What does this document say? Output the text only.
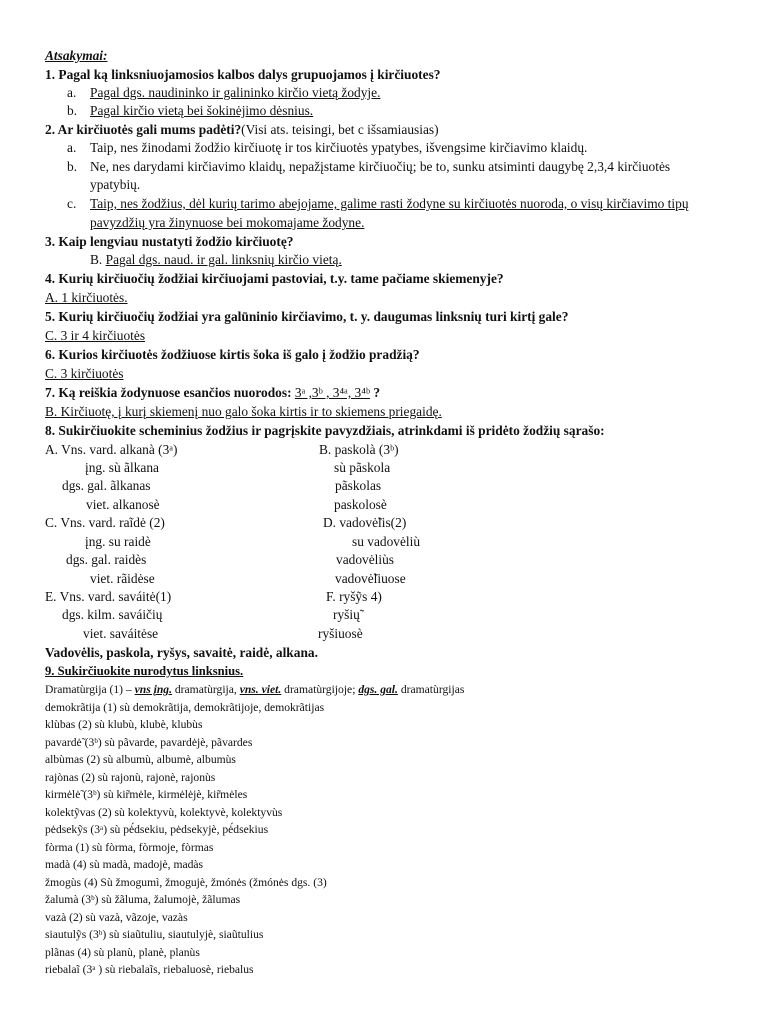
Atsakymai:
1. Pagal ką linksniuojamosios kalbos dalys grupuojamos į kirčiuotes?
a. Pagal dgs. naudininko ir galininko kirčio vietą žodyje.
b. Pagal kirčio vietą bei šokinėjimo dėsnius.
2. Ar kirčiuotės gali mums padėti?(Visi ats. teisingi, bet c išsamiausias)
a. Taip, nes žinodami žodžio kirčiuotę ir tos kirčiuotės ypatybes, išvengsime kirčiavimo klaidų.
b. Ne, nes darydami kirčiavimo klaidų, nepažįstame kirčiuočių; be to, sunku atsiminti daugybę 2,3,4 kirčiuotės
ypatybių.
c. Taip, nes žodžius, dėl kurių tarimo abejojame, galime rasti žodyne su kirčiuotės nuoroda, o visų kirčiavimo tipų
pavyzdžių yra žinynuose bei mokomajame žodyne.
3. Kaip lengviau nustatyti žodžio kirčiuotę?
B. Pagal dgs. naud. ir gal. linksnių kirčio vietą.
4. Kurių kirčiuočių žodžiai kirčiuojami pastoviai, t.y. tame pačiame skiemenyje?
A. 1 kirčiuotės.
5. Kurių kirčiuočių žodžiai yra galūninio kirčiavimo, t. y. daugumas linksnių turi kirtį gale?
C. 3 ir 4 kirčiuotės
6. Kurios kirčiuotės žodžiuose kirtis šoka iš galo į žodžio pradžią?
C. 3 kirčiuotės
7. Ką reiškia žodynuose esančios nuorodos: 3ᵃ ,3ᵇ , 3⁴ᵃ, 3⁴ᵇ ?
B. Kirčiuotę, į kurį skiemenį nuo galo šoka kirtis ir to skiemens priegaidę.
8. Sukirčiuokite scheminius žodžius ir pagrįskite pavyzdžiais, atrinkdami iš pridėto žodžių sąrašo:
A. Vns. vard. alkanà (3ᵃ)
įng. sù ãlkana
dgs. gal. ãlkanas
viet. alkanosè
B. paskolà (3ᵇ)
sù pãskola
pãskolas
paskolosè
C. Vns. vard. raĩdė (2)
įng. su raidè
dgs. gal. raidès
viet. rãidėse
D. vadovė̃lis(2)
su vadovėliù
vadovėliùs
vadovė̃liuose
E. Vns. vard. saváitė(1)
dgs. kilm. saváičių
viet. saváitėse
F. ryšỹs 4)
ryšių̃
ryšiuosè
Vadovėlis, paskola, ryšys, savaitė, raidė, alkana.
9. Sukirčiuokite nurodytus linksnius.
Dramatùrgija (1) – vns įng. dramatùrgija, vns. viet. dramatùrgijoje; dgs. gal. dramatùrgijas
demokrãtija (1) sù demokrãtija, demokrãtijoje, demokrãtijas
klùbas (2) sù klubù, klubè, klubùs
pavardė̃ (3ᵇ) sù pãvarde, pavardėjè, pãvardes
albùmas (2) sù albumù, albumè, albumùs
rajònas (2) sù rajonù, rajonè, rajonùs
kirmėlė̃ (3ᵇ) sù kir̃mėle, kirmėlėjè, kir̃mėles
kolektỹvas (2) sù kolektyvù, kolektyvè, kolektyvùs
pėdsekỹs (3ᵃ) sù pė́dsekiu, pėdsekyjè, pė́dsekius
fòrma (1) sù fòrma, fòrmoje, fòrmas
madà (4) sù madà, madojè, madàs
žmogùs (4) Sù žmogumì, žmogujè, žmónės (žmónės dgs. (3)
žalumà (3ᵇ) sù žãluma, žalumojè, žãlumas
vazà (2) sù vazà, vãzoje, vazàs
siautulỹs (3ᵇ) sù siaũtuliu, siautulyjè, siaũtulius
plãnas (4) sù planù, planè, planùs
riebalaĩ (3ᵃ ) sù riebalaĩs, riebaluosè, riebalus
